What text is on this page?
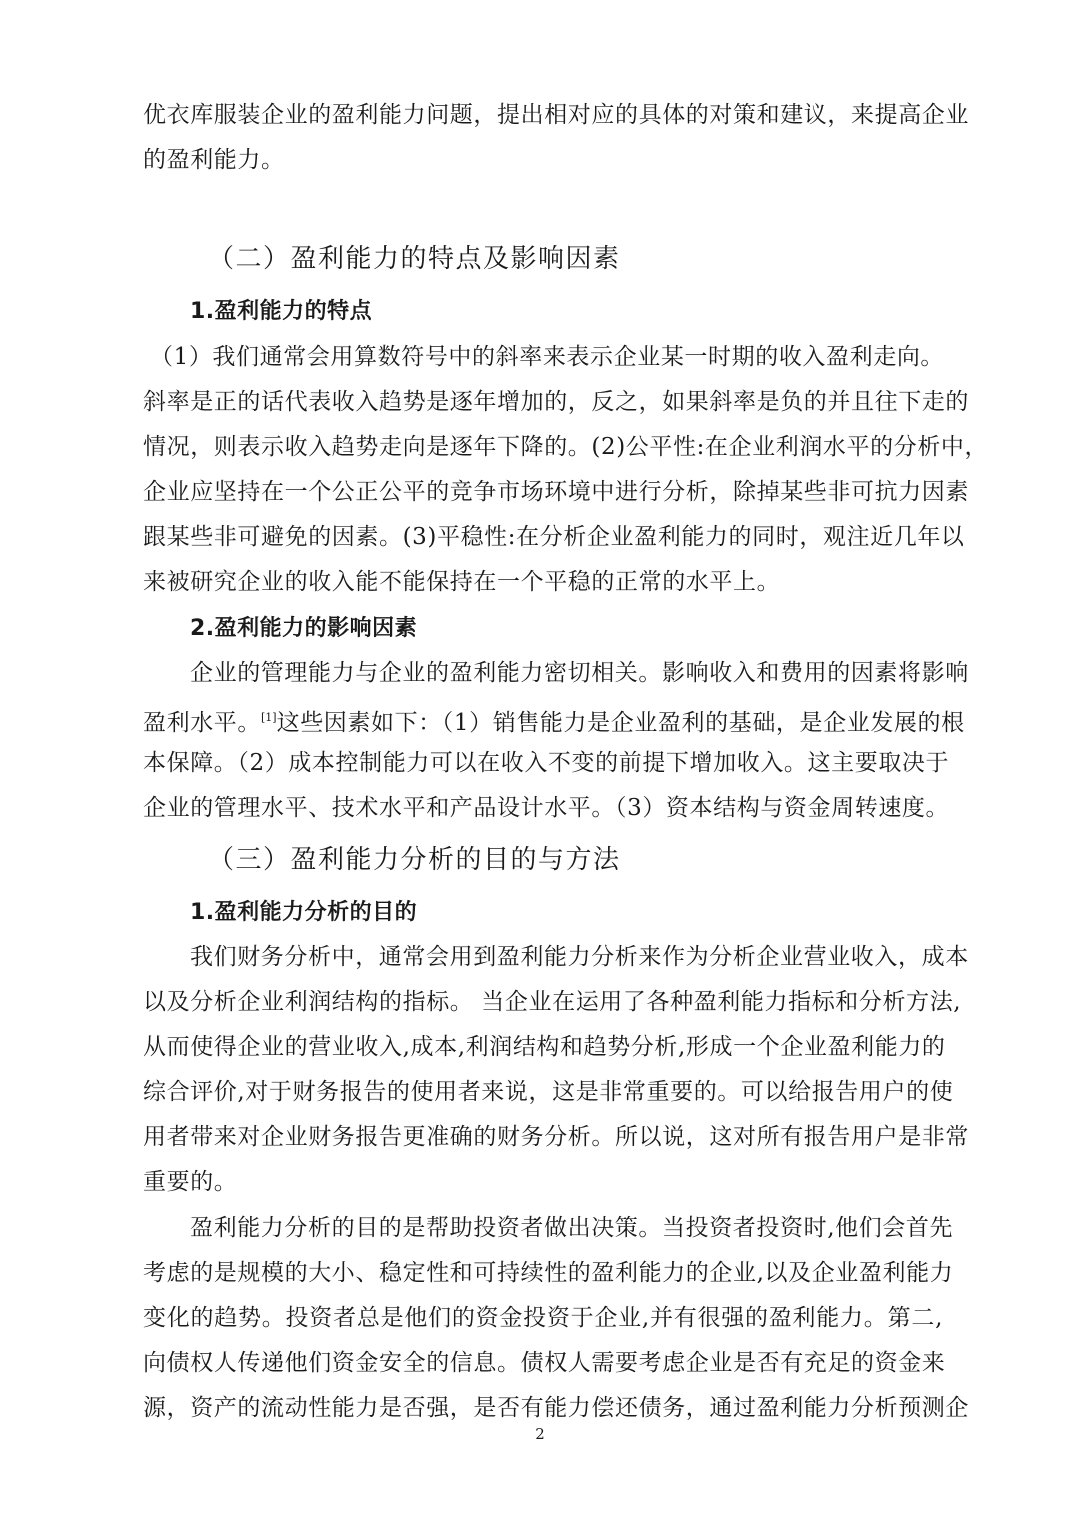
优衣库服装企业的盈利能力问题，提出相对应的具体的对策和建议，来提高企业
的盈利能力。
（二）盈利能力的特点及影响因素
1.盈利能力的特点
（1）我们通常会用算数符号中的斜率来表示企业某一时期的收入盈利走向。
斜率是正的话代表收入趋势是逐年增加的，反之，如果斜率是负的并且往下走的
情况，则表示收入趋势走向是逐年下降的。(2)公平性:在企业利润水平的分析中，
企业应坚持在一个公正公平的竞争市场环境中进行分析，除掉某些非可抗力因素
跟某些非可避免的因素。(3)平稳性:在分析企业盈利能力的同时，观注近几年以
来被研究企业的收入能不能保持在一个平稳的正常的水平上。
2.盈利能力的影响因素
企业的管理能力与企业的盈利能力密切相关。影响收入和费用的因素将影响
盈利水平。[1]这些因素如下：（1）销售能力是企业盈利的基础，是企业发展的根
本保障。（2）成本控制能力可以在收入不变的前提下增加收入。这主要取决于
企业的管理水平、技术水平和产品设计水平。（3）资本结构与资金周转速度。
（三）盈利能力分析的目的与方法
1.盈利能力分析的目的
我们财务分析中，通常会用到盈利能力分析来作为分析企业营业收入，成本
以及分析企业利润结构的指标。 当企业在运用了各种盈利能力指标和分析方法,
从而使得企业的营业收入,成本,利润结构和趋势分析,形成一个企业盈利能力的
综合评价,对于财务报告的使用者来说，这是非常重要的。可以给报告用户的使
用者带来对企业财务报告更准确的财务分析。所以说，这对所有报告用户是非常
重要的。
盈利能力分析的目的是帮助投资者做出决策。当投资者投资时,他们会首先
考虑的是规模的大小、稳定性和可持续性的盈利能力的企业,以及企业盈利能力
变化的趋势。投资者总是他们的资金投资于企业,并有很强的盈利能力。第二,
向债权人传递他们资金安全的信息。债权人需要考虑企业是否有充足的资金来
源，资产的流动性能力是否强，是否有能力偿还债务，通过盈利能力分析预测企
2
